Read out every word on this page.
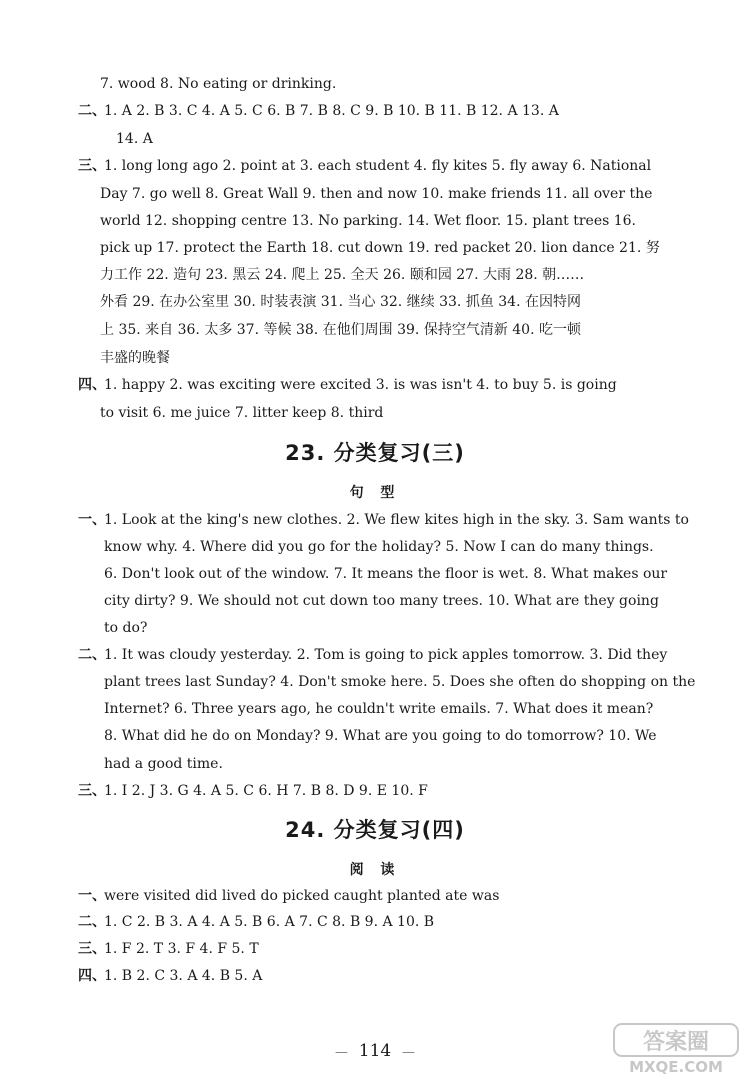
7. wood 8. No eating or drinking.
二、
1. A 2. B 3. C 4. A 5. C 6. B 7. B 8. C 9. B 10. B 11. B 12. A 13. A
14. A
三、
1. long long ago 2. point at 3. each student 4. fly kites 5. fly away 6. National
Day 7. go well 8. Great Wall 9. then and now 10. make friends 11. all over the
world 12. shopping centre 13. No parking. 14. Wet floor. 15. plant trees 16.
pick up 17. protect the Earth 18. cut down 19. red packet 20. lion dance 21. 努
力工作 22. 造句 23. 黑云 24. 爬上 25. 全天 26. 颐和园 27. 大雨 28. 朝……
外看 29. 在办公室里 30. 时装表演 31. 当心 32. 继续 33. 抓鱼 34. 在因特网
上 35. 来自 36. 太多 37. 等候 38. 在他们周围 39. 保持空气清新 40. 吃一顿
丰盛的晚餐
四、
1. happy 2. was exciting were excited 3. is was isn't 4. to buy 5. is going
to visit 6. me juice 7. litter keep 8. third
23. 分类复习(三)
句 型
一、
1. Look at the king's new clothes. 2. We flew kites high in the sky. 3. Sam wants to
know why. 4. Where did you go for the holiday? 5. Now I can do many things.
6. Don't look out of the window. 7. It means the floor is wet. 8. What makes our
city dirty? 9. We should not cut down too many trees. 10. What are they going
to do?
二、
1. It was cloudy yesterday. 2. Tom is going to pick apples tomorrow. 3. Did they
plant trees last Sunday? 4. Don't smoke here. 5. Does she often do shopping on the
Internet? 6. Three years ago, he couldn't write emails. 7. What does it mean?
8. What did he do on Monday? 9. What are you going to do tomorrow? 10. We
had a good time.
三、
1. I 2. J 3. G 4. A 5. C 6. H 7. B 8. D 9. E 10. F
24. 分类复习(四)
阅 读
一、
were visited did lived do picked caught planted ate was
二、
1. C 2. B 3. A 4. A 5. B 6. A 7. C 8. B 9. A 10. B
三、
1. F 2. T 3. F 4. F 5. T
四、
1. B 2. C 3. A 4. B 5. A
— 114 —	答案圈
MXQE.COM
